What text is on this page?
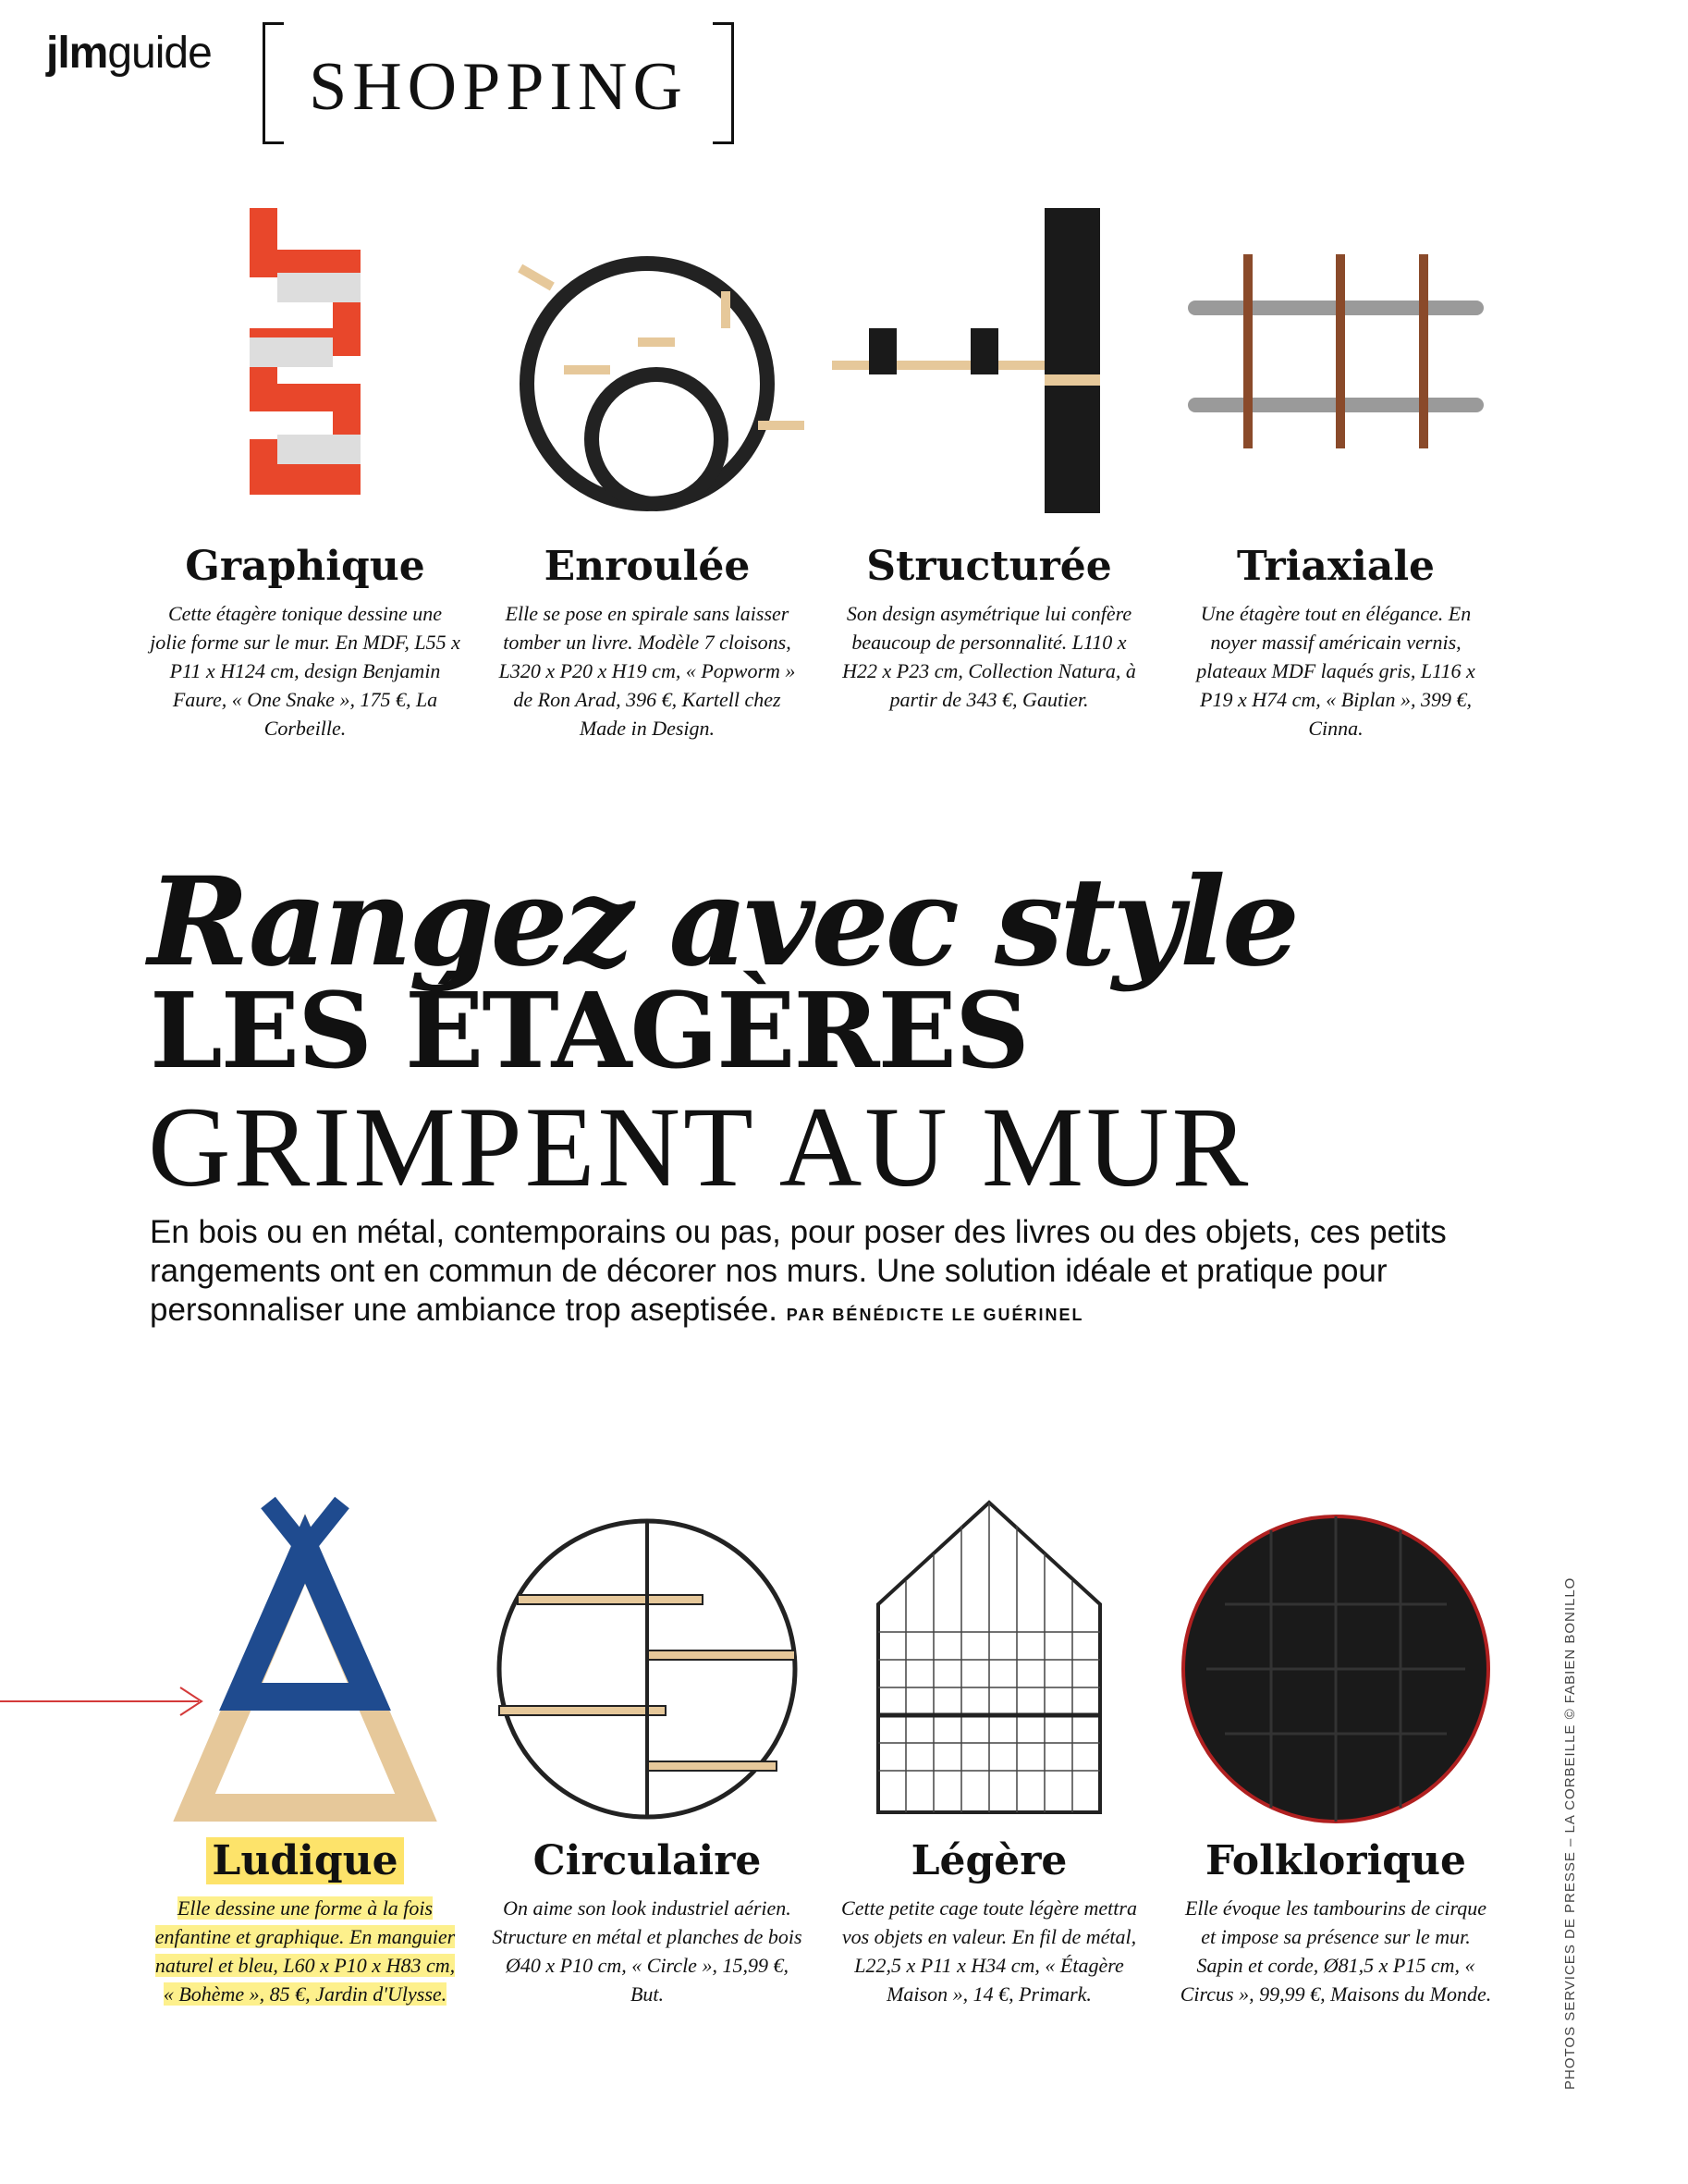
jlmguide	SHOPPING
Graphique
Cette étagère tonique dessine une jolie forme sur le mur. En MDF, L55 x P11 x H124 cm, design Benjamin Faure, « One Snake », 175 €, La Corbeille.
Enroulée
Elle se pose en spirale sans laisser tomber un livre. Modèle 7 cloisons, L320 x P20 x H19 cm, « Popworm » de Ron Arad, 396 €, Kartell chez Made in Design.
Structurée
Son design asymétrique lui confère beaucoup de personnalité. L110 x H22 x P23 cm, Collection Natura, à partir de 343 €, Gautier.
Triaxiale
Une étagère tout en élégance. En noyer massif américain vernis, plateaux MDF laqués gris, L116 x P19 x H74 cm, « Biplan », 399 €, Cinna.
Rangez avec style
LES ÉTAGÈRES
GRIMPENT AU MUR
En bois ou en métal, contemporains ou pas, pour poser des livres ou des objets, ces petits rangements ont en commun de décorer nos murs. Une solution idéale et pratique pour personnaliser une ambiance trop aseptisée. PAR BÉNÉDICTE LE GUÉRINEL
Ludique
Elle dessine une forme à la fois enfantine et graphique. En manguier naturel et bleu, L60 x P10 x H83 cm, « Bohème », 85 €, Jardin d'Ulysse.
Circulaire
On aime son look industriel aérien. Structure en métal et planches de bois Ø40 x P10 cm, « Circle », 15,99 €, But.
Légère
Cette petite cage toute légère mettra vos objets en valeur. En fil de métal, L22,5 x P11 x H34 cm, « Étagère Maison », 14 €, Primark.
Folklorique
Elle évoque les tambourins de cirque et impose sa présence sur le mur. Sapin et corde, Ø81,5 x P15 cm, « Circus », 99,99 €, Maisons du Monde.	PHOTOS SERVICES DE PRESSE – LA CORBEILLE © FABIEN BONILLO
